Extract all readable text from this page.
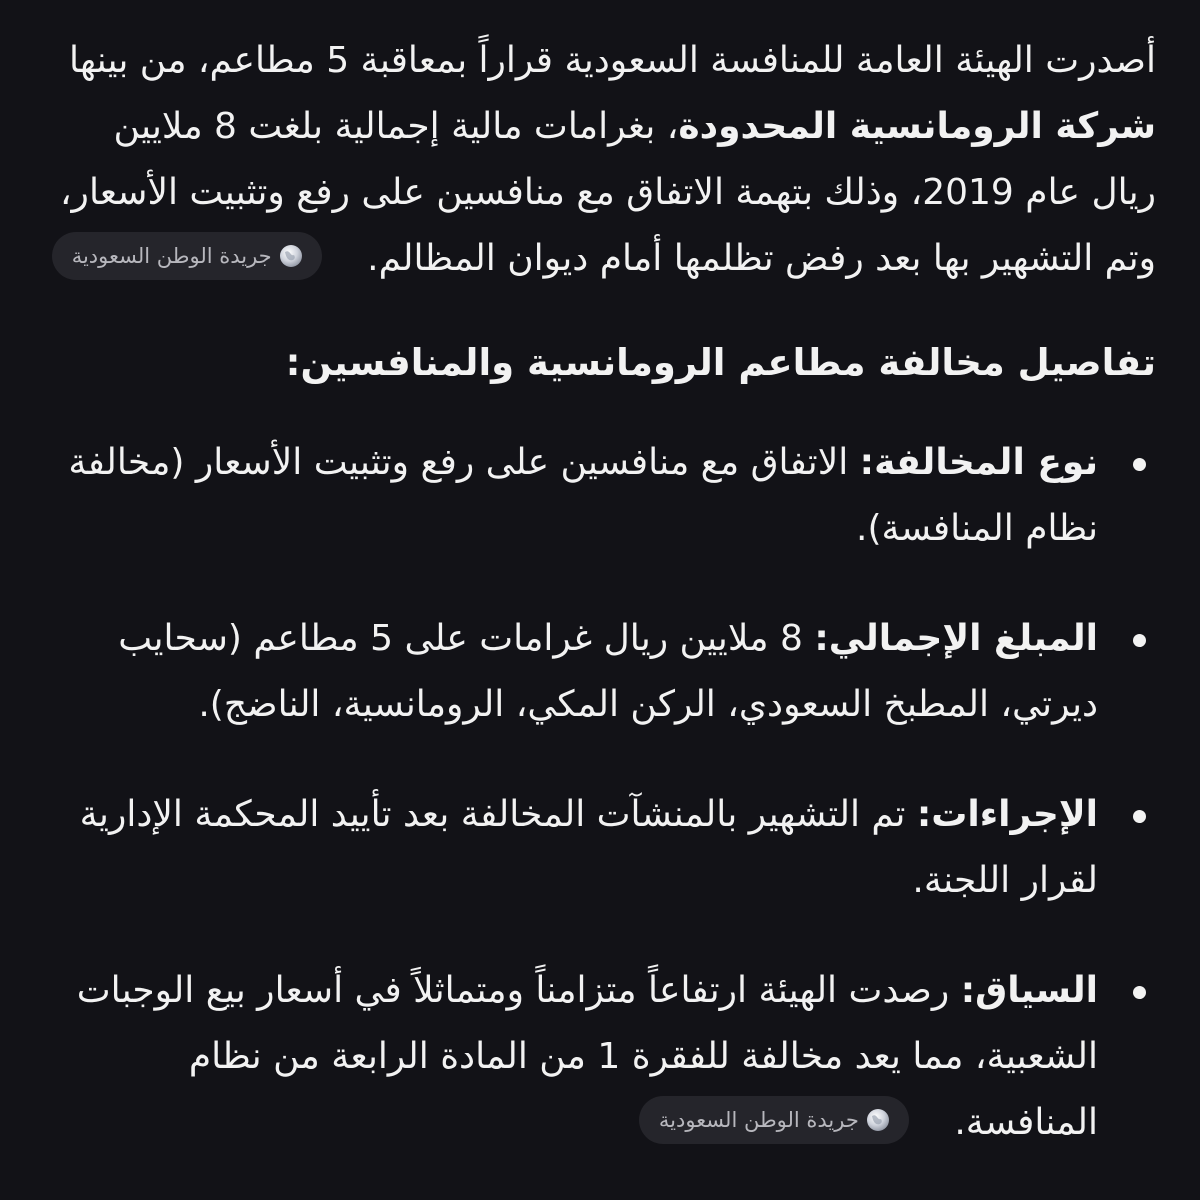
أصدرت الهيئة العامة للمنافسة السعودية قراراً بمعاقبة 5 مطاعم، من بينها شركة الرومانسية المحدودة، بغرامات مالية إجمالية بلغت 8 ملايين ريال عام 2019، وذلك بتهمة الاتفاق مع منافسين على رفع وتثبيت الأسعار، وتم التشهير بها بعد رفض تظلمها أمام ديوان المظالم.
جريدة الوطن السعودية

تفاصيل مخالفة مطاعم الرومانسية والمنافسين:
نوع المخالفة: الاتفاق مع منافسين على رفع وتثبيت الأسعار (مخالفة نظام المنافسة).
المبلغ الإجمالي: 8 ملايين ريال غرامات على 5 مطاعم (سحايب ديرتي، المطبخ السعودي، الركن المكي، الرومانسية، الناضج).
الإجراءات: تم التشهير بالمنشآت المخالفة بعد تأييد المحكمة الإدارية لقرار اللجنة.
السياق: رصدت الهيئة ارتفاعاً متزامناً ومتماثلاً في أسعار بيع الوجبات الشعبية، مما يعد مخالفة للفقرة 1 من المادة الرابعة من نظام المنافسة.
جريدة الوطن السعودية
